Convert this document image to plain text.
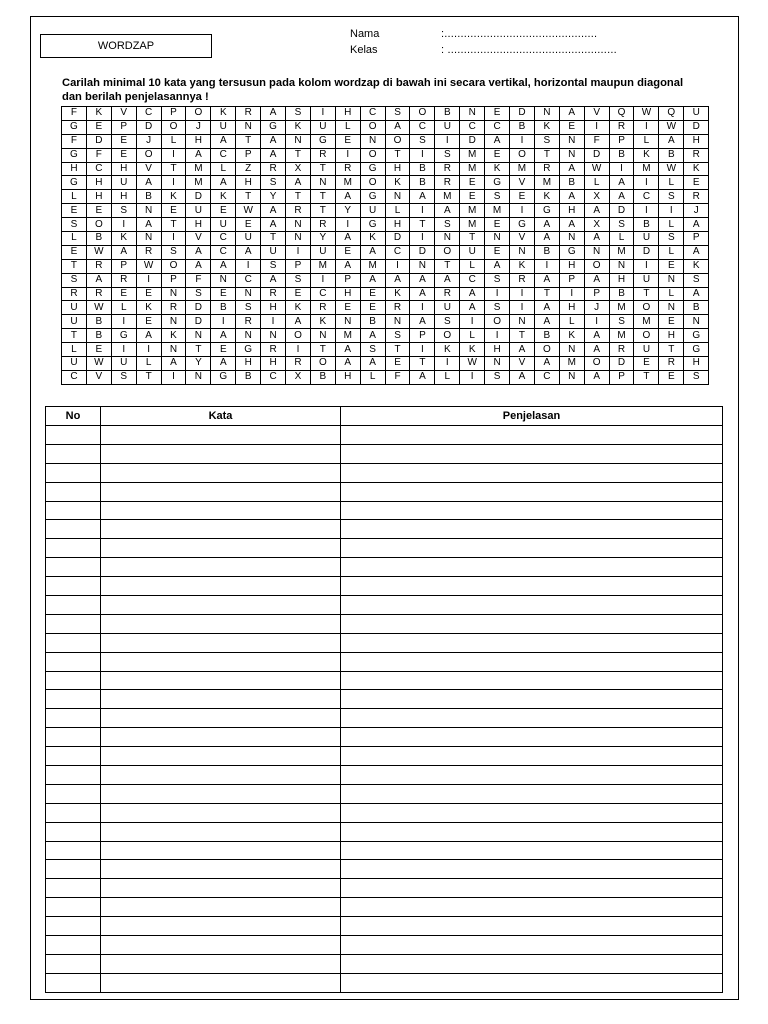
WORDZAP
Nama	:...............................................
Kelas	: ....................................................
Carilah minimal 10 kata yang tersusun pada kolom wordzap di bawah ini secara vertikal, horizontal maupun diagonal
dan berilah penjelasannya !
F	K	V	C	P	O	K	R	A	S	I	H	C	S	O	B	N	E	D	N	A	V	Q	W	Q	U
G	E	P	D	O	J	U	N	G	K	U	L	O	A	C	U	C	C	B	K	E	I	R	I	W	D
F	D	E	J	L	H	A	T	A	N	G	E	N	O	S	I	D	A	I	S	N	F	P	L	A	H
G	F	E	O	I	A	C	P	A	T	R	I	O	T	I	S	M	E	O	T	N	D	B	K	B	R
H	C	H	V	T	M	L	Z	R	X	T	R	G	H	B	R	M	K	M	R	A	W	I	M	W	K
G	H	U	A	I	M	A	H	S	A	N	M	O	K	B	R	E	G	V	M	B	L	A	I	L	E
L	H	H	B	K	D	K	T	Y	T	T	A	G	N	A	M	E	S	E	K	A	X	A	C	S	R
E	E	S	N	E	U	E	W	A	R	T	Y	U	L	I	A	M	M	I	G	H	A	D	I	I	J
S	O	I	A	T	H	U	E	A	N	R	I	G	H	T	S	M	E	G	A	A	X	S	B	L	A
L	B	K	N	I	V	C	U	T	N	Y	A	K	D	I	N	T	N	V	A	N	A	L	U	S	P
E	W	A	R	S	A	C	A	U	I	U	E	A	C	D	O	U	E	N	B	G	N	M	D	L	A
T	R	P	W	O	A	A	I	S	P	M	A	M	I	N	T	L	A	K	I	H	O	N	I	E	K
S	A	R	I	P	F	N	C	A	S	I	P	A	A	A	A	C	S	R	A	P	A	H	U	N	S
R	R	E	E	N	S	E	N	R	E	C	H	E	K	A	R	A	I	I	T	I	P	B	T	L	A
U	W	L	K	R	D	B	S	H	K	R	E	E	R	I	U	A	S	I	A	H	J	M	O	N	B
U	B	I	E	N	D	I	R	I	A	K	N	B	N	A	S	I	O	N	A	L	I	S	M	E	N
T	B	G	A	K	N	A	N	N	O	N	M	A	S	P	O	L	I	T	B	K	A	M	O	H	G
L	E	I	I	N	T	E	G	R	I	T	A	S	T	I	K	K	H	A	O	N	A	R	U	T	G
U	W	U	L	A	Y	A	H	H	R	O	A	A	E	T	I	W	N	V	A	M	O	D	E	R	H
C	V	S	T	I	N	G	B	C	X	B	H	L	F	A	L	I	S	A	C	N	A	P	T	E	S
No	Kata	Penjelasan
